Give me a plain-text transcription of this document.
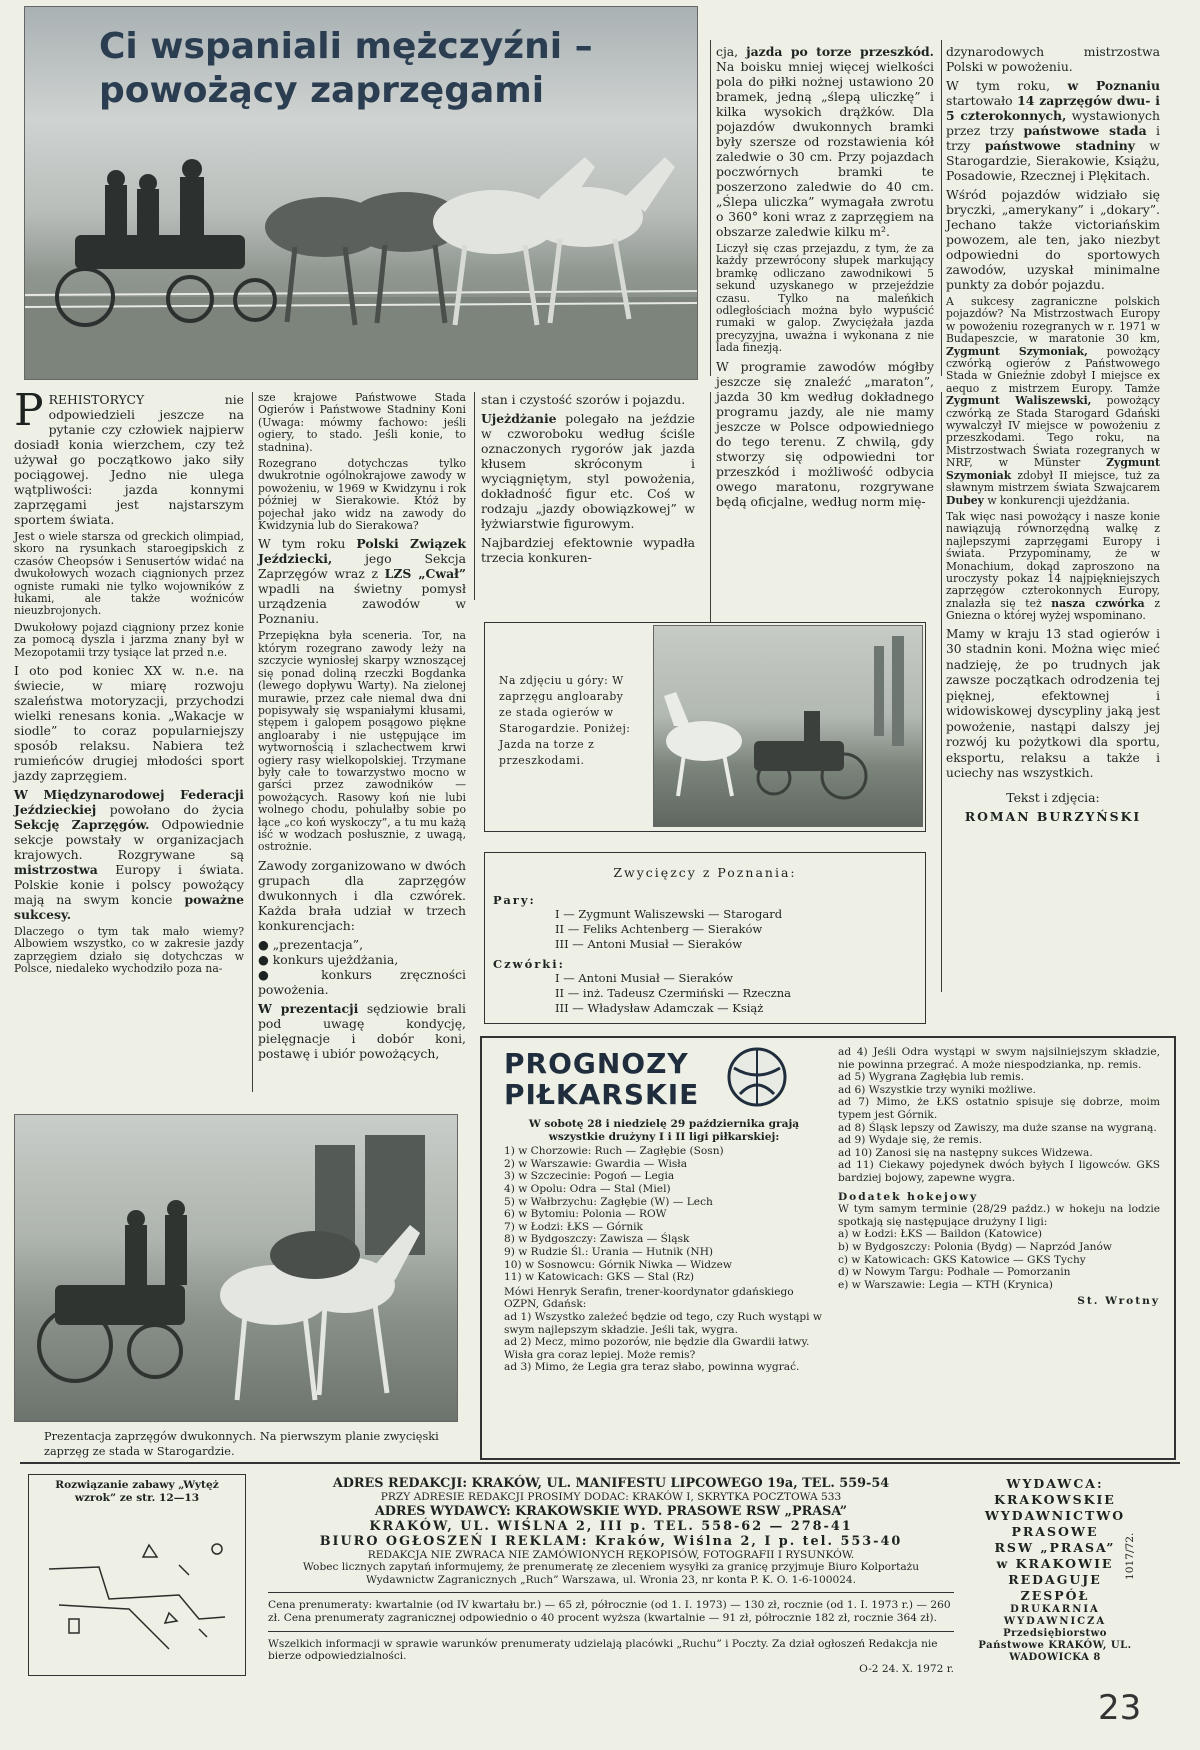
Ci wspaniali mężczyźni –
powożący zaprzęgami

PREHISTORYCY nie odpowiedzieli jeszcze na pytanie czy człowiek najpierw dosiadł konia wierzchem, czy też używał go początkowo jako siły pociągowej. Jedno nie ulega wątpliwości: jazda konnymi zaprzęgami jest najstarszym sportem świata.

Jest o wiele starsza od greckich olimpiad, skoro na rysunkach staroegipskich z czasów Cheopsów i Senusertów widać na dwukołowych wozach ciągnionych przez ogniste rumaki nie tylko wojowników z łukami, ale także woźniców nieuzbrojonych.

Dwukołowy pojazd ciągniony przez konie za pomocą dyszla i jarzma znany był w Mezopotamii trzy tysiące lat przed n.e.

I oto pod koniec XX w. n.e. na świecie, w miarę rozwoju szaleństwa motoryzacji, przychodzi wielki renesans konia. „Wakacje w siodle” to coraz popularniejszy sposób relaksu. Nabiera też rumieńców drugiej młodości sport jazdy zaprzęgiem.

W Międzynarodowej Federacji Jeździeckiej powołano do życia Sekcję Zaprzęgów. Odpowiednie sekcje powstały w organizacjach krajowych. Rozgrywane są mistrzostwa Europy i świata. Polskie konie i polscy powożący mają na swym koncie poważne sukcesy.

Dlaczego o tym tak mało wiemy? Albowiem wszystko, co w zakresie jazdy zaprzęgiem działo się dotychczas w Polsce, niedaleko wychodziło poza na-

sze krajowe Państwowe Stada Ogierów i Państwowe Stadniny Koni (Uwaga: mówmy fachowo: jeśli ogiery, to stado. Jeśli konie, to stadnina).

Rozegrano dotychczas tylko dwukrotnie ogólnokrajowe zawody w powożeniu, w 1969 w Kwidzynu i rok później w Sierakowie. Któż by pojechał jako widz na zawody do Kwidzynia lub do Sierakowa?

W tym roku Polski Związek Jeździecki,	jego Sekcja Zaprzęgów wraz z LZS „Cwał” wpadli na świetny pomysł urządzenia zawodów w Poznaniu.

Przepiękna była sceneria. Tor, na którym rozegrano zawody leży na szczycie wyniosłej skarpy wznoszącej się ponad doliną rzeczki Bogdanka (lewego dopływu Warty). Na zielonej murawie, przez całe niemal dwa dni popisywały się wspaniałymi kłusami, stępem i galopem posągowo piękne angloaraby i nie ustępujące im wytwornością i szlachectwem krwi ogiery rasy wielkopolskiej. Trzymane były całe to towarzystwo mocno w garści przez zawodników — powożących. Rasowy koń nie lubi wolnego chodu, pohulałby sobie po łące „co koń wyskoczy”, a tu mu każą iść w wodzach posłusznie, z uwagą, ostrożnie.

Zawody zorganizowano w dwóch grupach dla zaprzęgów dwukonnych i dla czwórek. Każda brała udział w trzech konkurencjach:

● „prezentacja”,

● konkurs ujeżdżania,

● konkurs zręczności powożenia.

W prezentacji sędziowie brali pod uwagę kondycję, pielęgnacje i dobór koni, postawę i ubiór powożących,

stan i czystość szorów i pojazdu.

Ujeżdżanie polegało na jeździe w czworoboku według ściśle oznaczonych rygorów jak jazda kłusem skróconym i wyciągniętym, styl powożenia, dokładność figur etc. Coś w rodzaju „jazdy obowiązkowej” w łyżwiarstwie figurowym.

Najbardziej efektownie wypadła trzecia konkuren-

cja, jazda po torze przeszkód. Na boisku mniej więcej wielkości pola do piłki nożnej ustawiono 20 bramek, jedną „ślepą uliczkę” i kilka wysokich drążków. Dla pojazdów dwukonnych bramki były szersze od rozstawienia kół zaledwie o 30 cm. Przy pojazdach poczwórnych bramki te poszerzono zaledwie do 40 cm. „Ślepa uliczka” wymagała zwrotu o 360° koni wraz z zaprzęgiem na obszarze zaledwie kilku m².

Liczył się czas przejazdu, z tym, że za każdy przewrócony słupek markujący bramkę odliczano zawodnikowi 5 sekund uzyskanego w przejeździe czasu. Tylko na maleńkich odległościach można było wypuścić rumaki w galop. Zwyciężała jazda precyzyjna, uważna i wykonana z nie lada finezją.

W programie zawodów mógłby jeszcze się znaleźć „maraton”, jazda 30 km według dokładnego programu jazdy, ale nie mamy jeszcze w Polsce odpowiedniego do tego terenu. Z chwilą, gdy stworzy się odpowiedni tor przeszkód i możliwość odbycia owego maratonu, rozgrywane będą oficjalne, według norm mię-

dzynarodowych mistrzostwa Polski w powożeniu.

W tym roku, w Poznaniu startowało 14 zaprzęgów dwu- i 5 czterokonnych, wystawionych przez trzy państwowe stada i trzy państwowe stadniny w Starogardzie, Sierakowie, Książu, Posadowie, Rzecznej i Plękitach.

Wśród pojazdów widziało się bryczki, „amerykany” i „dokary”. Jechano także victoriańskim powozem, ale ten, jako niezbyt odpowiedni do sportowych zawodów, uzyskał minimalne punkty za dobór pojazdu.

A sukcesy zagraniczne polskich pojazdów? Na Mistrzostwach Europy w powożeniu rozegranych w r. 1971 w Budapeszcie, w maratonie 30 km, Zygmunt Szymoniak, powożący czwórką ogierów z Państwowego Stada w Gnieźnie zdobył I miejsce ex aequo z mistrzem Europy. Tamże Zygmunt Waliszewski, powożący czwórką ze Stada Starogard Gdański wywalczył IV miejsce w powożeniu z przeszkodami. Tego roku, na Mistrzostwach Świata rozegranych w NRF, w Münster Zygmunt Szymoniak zdobył II miejsce, tuż za sławnym mistrzem świata Szwajcarem Dubey w konkurencji ujeżdżania.

Tak więc nasi powożący i nasze konie nawiązują równorzędną walkę z najlepszymi zaprzęgami Europy i świata. Przypominamy, że w Monachium, dokąd zaproszono na uroczysty pokaz 14 najpiękniejszych zaprzęgów czterokonnych Europy, znalazła się też nasza czwórka z Gniezna o której wyżej wspominano.

Mamy w kraju 13 stad ogierów i 30 stadnin koni. Można więc mieć nadzieję, że po trudnych jak zawsze początkach odrodzenia tej pięknej, efektownej i widowiskowej dyscypliny jaką jest powożenie, nastąpi dalszy jej rozwój ku pożytkowi dla sportu, eksportu, relaksu a także i uciechy nas wszystkich.

Tekst i zdjęcia:

ROMAN BURZYŃSKI

Na zdjęciu u góry: W zaprzęgu angloaraby ze stada ogierów w Starogardzie. Poniżej: Jazda na torze z przeszkodami.
Zwycięzcy z Poznania:
Pary:
I — Zygmunt Waliszewski — Starogard
II — Feliks Achtenberg — Sieraków
III — Antoni Musiał — Sieraków
Czwórki:
I — Antoni Musiał — Sieraków
II — inż. Tadeusz Czermiński — Rzeczna
III — Władysław Adamczak — Książ
Prezentacja zaprzęgów dwukonnych. Na pierwszym planie zwycięski zaprzęg ze stada w Starogardzie.
PROGNOZY
PIŁKARSKIE
W sobotę 28 i niedzielę 29 października grają wszystkie drużyny I i II ligi piłkarskiej:
1) w Chorzowie: Ruch — Zagłębie (Sosn)
2) w Warszawie: Gwardia — Wisła
3) w Szczecinie: Pogoń — Legia
4) w Opolu: Odra — Stal (Miel)
5) w Wałbrzychu: Zagłębie (W) — Lech
6) w Bytomiu: Polonia — ROW
7) w Łodzi: ŁKS — Górnik
8) w Bydgoszczy: Zawisza — Śląsk
9) w Rudzie Śl.: Urania — Hutnik (NH)
10) w Sosnowcu: Górnik Niwka — Widzew
11) w Katowicach: GKS — Stal (Rz)
Mówi Henryk Serafin, trener-koordynator gdańskiego OZPN, Gdańsk:
ad 1) Wszystko zależeć będzie od tego, czy Ruch wystąpi w swym najlepszym składzie. Jeśli tak, wygra.
ad 2) Mecz, mimo pozorów, nie będzie dla Gwardii łatwy. Wisła gra coraz lepiej. Może remis?
ad 3) Mimo, że Legia gra teraz słabo, powinna wygrać.
ad 4) Jeśli Odra wystąpi w swym najsilniejszym składzie, nie powinna przegrać. A może niespodzianka, np. remis.
ad 5) Wygrana Zagłębia lub remis.
ad 6) Wszystkie trzy wyniki możliwe.
ad 7) Mimo, że ŁKS ostatnio spisuje się dobrze, moim typem jest Górnik.
ad 8) Śląsk lepszy od Zawiszy, ma duże szanse na wygraną.
ad 9) Wydaje się, że remis.
ad 10) Zanosi się na następny sukces Widzewa.
ad 11) Ciekawy pojedynek dwóch byłych I ligowców. GKS bardziej bojowy, zapewne wygra.
Dodatek hokejowy
W tym samym terminie (28/29 paźdz.) w hokeju na lodzie spotkają się następujące drużyny I ligi:
a) w Łodzi: ŁKS — Baildon (Katowice)
b) w Bydgoszczy: Polonia (Bydg) — Naprzód Janów
c) w Katowicach: GKS Katowice — GKS Tychy
d) w Nowym Targu: Podhale — Pomorzanin
e) w Warszawie: Legia — KTH (Krynica)
St. Wrotny
Rozwiązanie zabawy „Wytęż wzrok” ze str. 12—13
ADRES REDAKCJI: KRAKÓW, UL. MANIFESTU LIPCOWEGO 19a, TEL. 559-54
PRZY ADRESIE REDAKCJI PROSIMY DODAC: KRAKÓW I, SKRYTKA POCZTOWA 533
ADRES WYDAWCY: KRAKOWSKIE WYD. PRASOWE RSW „PRASA”
KRAKÓW, UL. WIŚLNA 2, III p. TEL. 558-62 — 278-41
BIURO OGŁOSZEŃ I REKLAM: Kraków, Wiślna 2, I p. tel. 553-40
REDAKCJA NIE ZWRACA NIE ZAMÓWIONYCH RĘKOPISÓW, FOTOGRAFII I RYSUNKÓW.
Wobec licznych zapytań informujemy, że prenumeratę ze zleceniem wysyłki za granicę przyjmuje Biuro Kolportażu Wydawnictw Zagranicznych „Ruch” Warszawa, ul. Wronia 23, nr konta P. K. O. 1-6-100024.
Cena prenumeraty: kwartalnie (od IV kwartału br.) — 65 zł, półrocznie (od 1. I. 1973) — 130 zł, rocznie (od 1. I. 1973 r.) — 260 zł. Cena prenumeraty zagranicznej odpowiednio o 40 procent wyższa (kwartalnie — 91 zł, półrocznie 182 zł, rocznie 364 zł).
Wszelkich informacji w sprawie warunków prenumeraty udzielają placówki „Ruchu” i Poczty. Za dział ogłoszeń Redakcja nie bierze odpowiedzialności.
O-2 24. X. 1972 r.
WYDAWCA:
KRAKOWSKIE
WYDAWNICTWO
PRASOWE
RSW „PRASA”
w KRAKOWIE
REDAGUJE
ZESPÓŁ
DRUKARNIA
WYDAWNICZA
Przedsiębiorstwo Państwowe KRAKÓW, UL. WADOWICKA 8
1017/72.
23
